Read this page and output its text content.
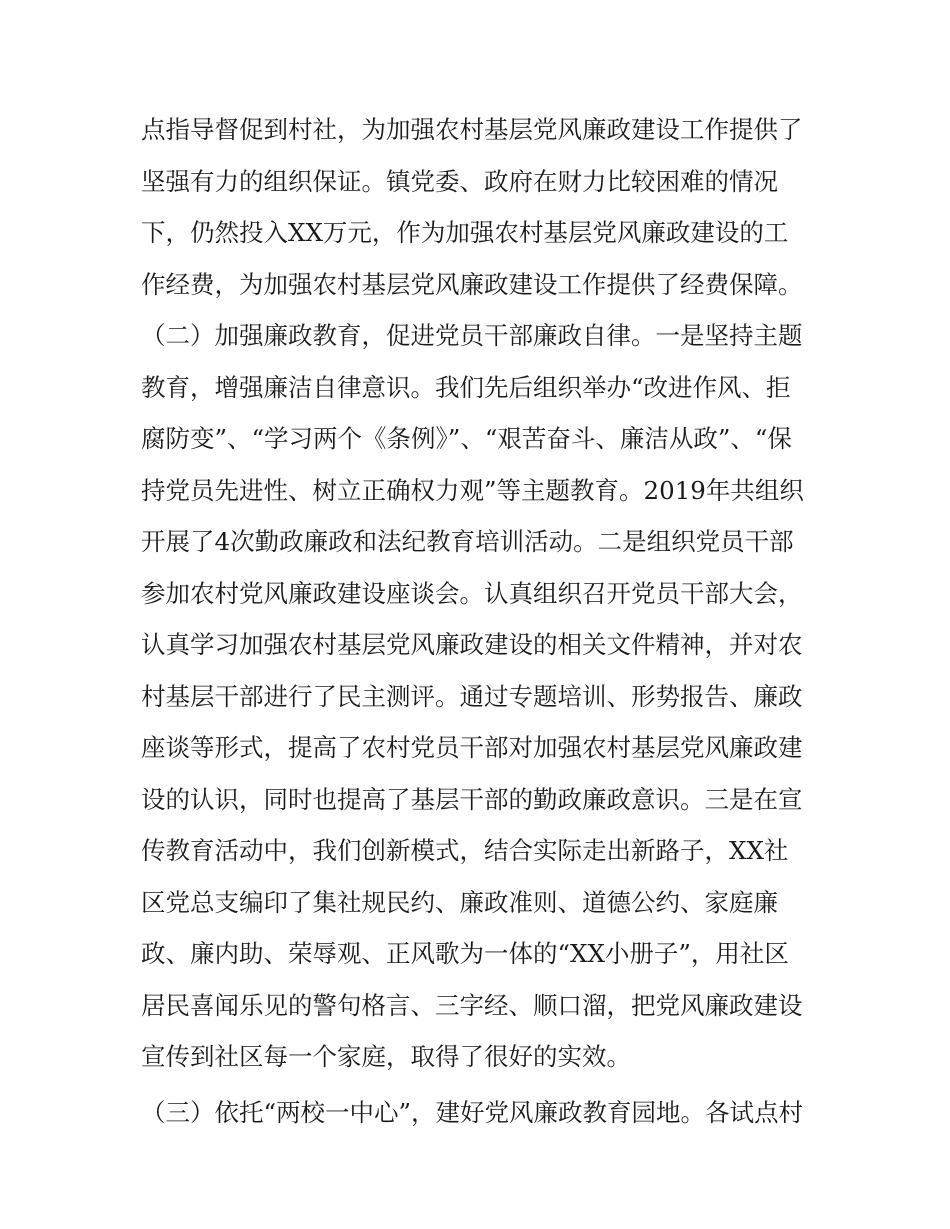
点指导督促到村社，为加强农村基层党风廉政建设工作提供了
坚强有力的组织保证。镇党委、政府在财力比较困难的情况
下，仍然投入XX万元，作为加强农村基层党风廉政建设的工
作经费，为加强农村基层党风廉政建设工作提供了经费保障。
（二）加强廉政教育，促进党员干部廉政自律。一是坚持主题
教育，增强廉洁自律意识。我们先后组织举办“改进作风、拒
腐防变”、“学习两个《条例》”、“艰苦奋斗、廉洁从政”、“保
持党员先进性、树立正确权力观”等主题教育。2019年共组织
开展了4次勤政廉政和法纪教育培训活动。二是组织党员干部
参加农村党风廉政建设座谈会。认真组织召开党员干部大会，
认真学习加强农村基层党风廉政建设的相关文件精神，并对农
村基层干部进行了民主测评。通过专题培训、形势报告、廉政
座谈等形式，提高了农村党员干部对加强农村基层党风廉政建
设的认识，同时也提高了基层干部的勤政廉政意识。三是在宣
传教育活动中，我们创新模式，结合实际走出新路子，XX社
区党总支编印了集社规民约、廉政准则、道德公约、家庭廉
政、廉内助、荣辱观、正风歌为一体的“XX小册子”，用社区
居民喜闻乐见的警句格言、三字经、顺口溜，把党风廉政建设
宣传到社区每一个家庭，取得了很好的实效。
（三）依托“两校一中心”，建好党风廉政教育园地。各试点村
